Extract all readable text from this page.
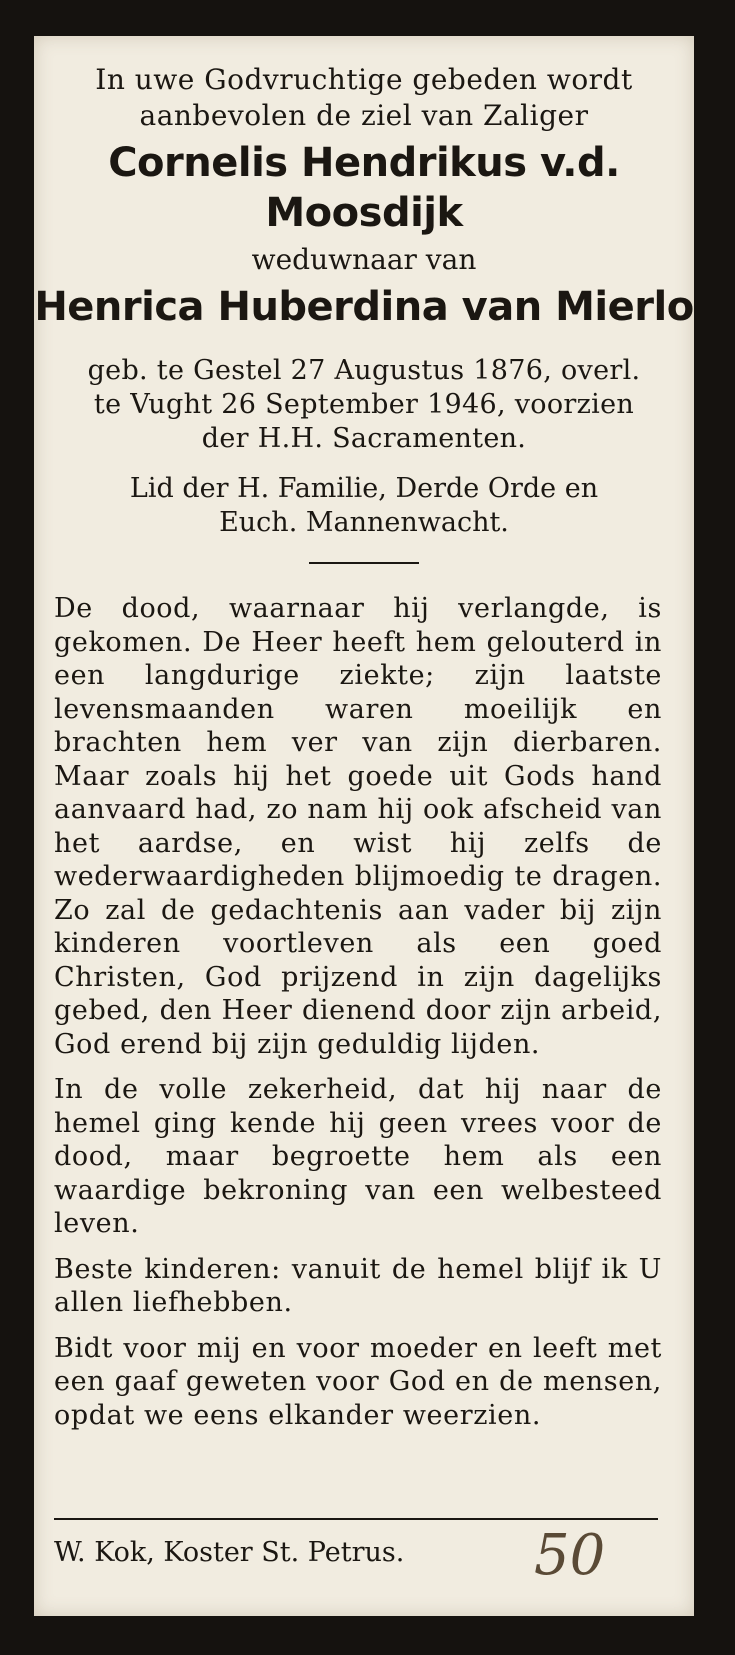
In uwe Godvruchtige gebeden wordt
aanbevolen de ziel van Zaliger
Cornelis Hendrikus v.d. Moosdijk
weduwnaar van
Henrica Huberdina van Mierlo
geb. te Gestel 27 Augustus 1876, overl.
te Vught 26 September 1946, voorzien
der H.H. Sacramenten.
Lid der H. Familie, Derde Orde en
Euch. Mannenwacht.

De dood, waarnaar hij verlangde, is gekomen. De Heer heeft hem gelouterd in een langdurige ziekte; zijn laatste levensmaanden waren moeilijk en brachten hem ver van zijn dierbaren. Maar zoals hij het goede uit Gods hand aanvaard had, zo nam hij ook afscheid van het aardse, en wist hij zelfs de wederwaardigheden blijmoedig te dragen. Zo zal de gedachtenis aan vader bij zijn kinderen voortleven als een goed Christen, God prijzend in zijn dagelijks gebed, den Heer dienend door zijn arbeid, God erend bij zijn geduldig lijden.

In de volle zekerheid, dat hij naar de hemel ging kende hij geen vrees voor de dood, maar begroette hem als een waardige bekroning van een welbesteed leven.

Beste kinderen: vanuit de hemel blijf ik U allen liefhebben.

Bidt voor mij en voor moeder en leeft met een gaaf geweten voor God en de mensen, opdat we eens elkander weerzien.

W. Kok, Koster St. Petrus. 50
